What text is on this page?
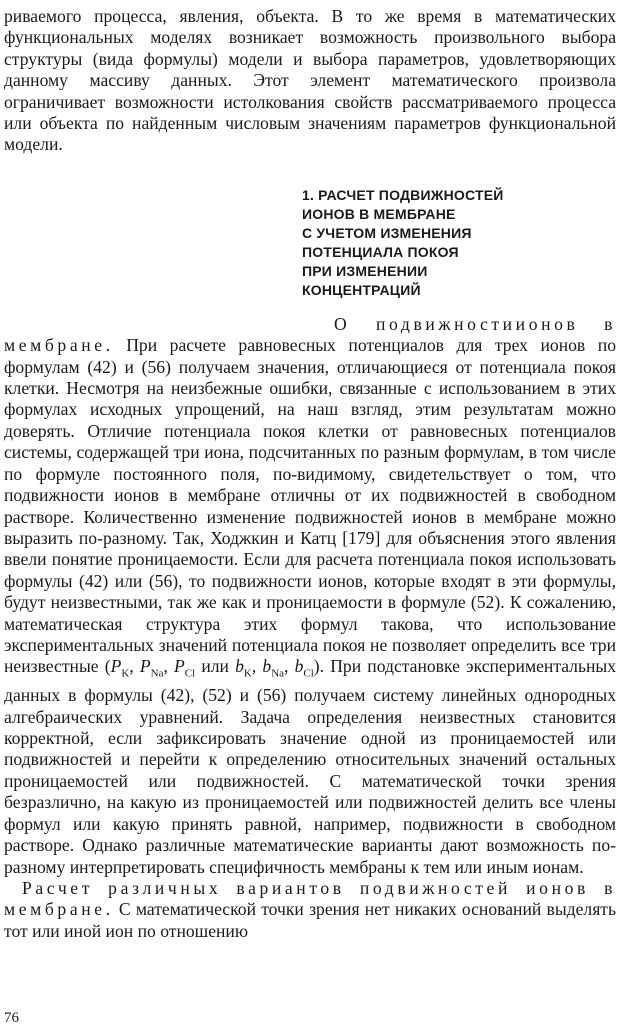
риваемого процесса, явления, объекта. В то же время в математических функциональных моделях возникает возможность произвольного выбора структуры (вида формулы) модели и выбора параметров, удовлетворяющих данному массиву данных. Этот элемент математического произвола ограничивает возможности истолкования свойств рассматриваемого процесса или объекта по найденным числовым значениям параметров функциональной модели.

1. РАСЧЕТ ПОДВИЖНОСТЕЙ
ИОНОВ В МЕМБРАНЕ
С УЧЕТОМ ИЗМЕНЕНИЯ
ПОТЕНЦИАЛА ПОКОЯ
ПРИ ИЗМЕНЕНИИ
КОНЦЕНТРАЦИЙ

О подвижностиионов в мембране. При расчете равновесных потенциалов для трех ионов по формулам (42) и (56) получаем значения, отличающиеся от потенциала покоя клетки. Несмотря на неизбежные ошибки, связанные с использованием в этих формулах исходных упрощений, на наш взгляд, этим результатам можно доверять. Отличие потенциала покоя клетки от равновесных потенциалов системы, содержащей три иона, подсчитанных по разным формулам, в том числе по формуле постоянного поля, по-видимому, свидетельствует о том, что подвижности ионов в мембране отличны от их подвижностей в свободном растворе. Количественно изменение подвижностей ионов в мембране можно выразить по-разному. Так, Ходжкин и Катц [179] для объяснения этого явления ввели понятие проницаемости. Если для расчета потенциала покоя использовать формулы (42) или (56), то подвижности ионов, которые входят в эти формулы, будут неизвестными, так же как и проницаемости в формуле (52). К сожалению, математическая структура этих формул такова, что использование экспериментальных значений потенциала покоя не позволяет определить все три неизвестные ($P_K$, $P_{Na}$, $P_{Cl}$ или $b_K$, $b_{Na}$, $b_{Cl}$). При подстановке экспериментальных данных в формулы (42), (52) и (56) получаем систему линейных однородных алгебраических уравнений. Задача определения неизвестных становится корректной, если зафиксировать значение одной из проницаемостей или подвижностей и перейти к определению относительных значений остальных проницаемостей или подвижностей. С математической точки зрения безразлично, на какую из проницаемостей или подвижностей делить все члены формул или какую принять равной, например, подвижности в свободном растворе. Однако различные математические варианты дают возможность по-разному интерпретировать специфичность мембраны к тем или иным ионам.

Расчет различных вариантов подвижностей ионов в мембране. С математической точки зрения нет никаких оснований выделять тот или иной ион по отношению

76
